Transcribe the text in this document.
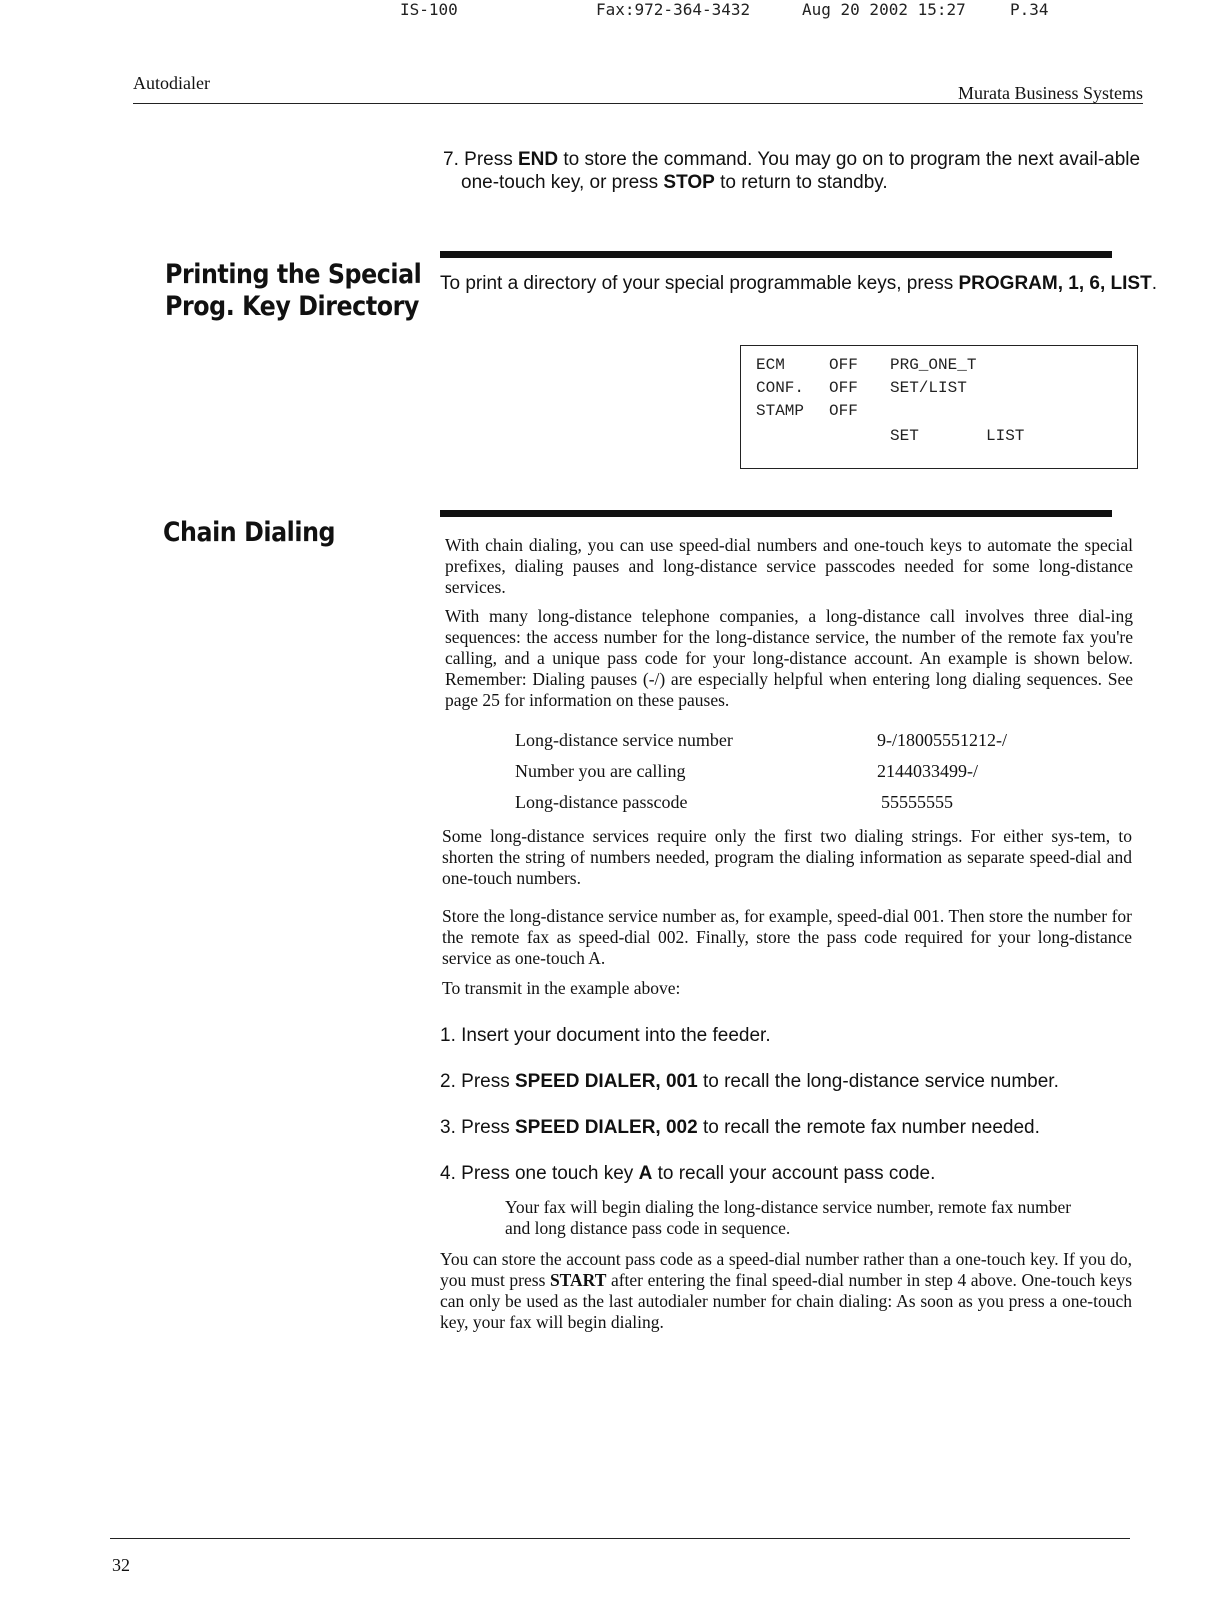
IS-100	Fax:972-364-3432	Aug 20 2002 15:27	P.34
Autodialer	Murata Business Systems
7. Press END to store the command. You may go on to program the next avail-able one-touch key, or press STOP to return to standby.
Printing the Special
Prog. Key Directory
To print a directory of your special programmable keys, press PROGRAM, 1, 6, LIST.
ECM	OFF PRG_ONE_T
CONF. OFF SET/LIST
STAMP OFF
SET	LIST
Chain Dialing	With chain dialing, you can use speed-dial numbers and one-touch keys to automate the special prefixes, dialing pauses and long-distance service passcodes needed for some long-distance services.
With many long-distance telephone companies, a long-distance call involves three dial-ing sequences: the access number for the long-distance service, the number of the remote fax you're calling, and a unique pass code for your long-distance account. An example is shown below. Remember: Dialing pauses (-/) are especially helpful when entering long dialing sequences. See page 25 for information on these pauses.
Long-distance service number	9-/18005551212-/
Number you are calling	2144033499-/
Long-distance passcode	55555555
Some long-distance services require only the first two dialing strings. For either sys-tem, to shorten the string of numbers needed, program the dialing information as separate speed-dial and one-touch numbers.
Store the long-distance service number as, for example, speed-dial 001. Then store the number for the remote fax as speed-dial 002. Finally, store the pass code required for your long-distance service as one-touch A.
To transmit in the example above:
1. Insert your document into the feeder.
2. Press SPEED DIALER, 001 to recall the long-distance service number.
3. Press SPEED DIALER, 002 to recall the remote fax number needed.
4. Press one touch key A to recall your account pass code.
Your fax will begin dialing the long-distance service number, remote fax number and long distance pass code in sequence.
You can store the account pass code as a speed-dial number rather than a one-touch key. If you do, you must press START after entering the final speed-dial number in step 4 above. One-touch keys can only be used as the last autodialer number for chain dialing: As soon as you press a one-touch key, your fax will begin dialing.
32
